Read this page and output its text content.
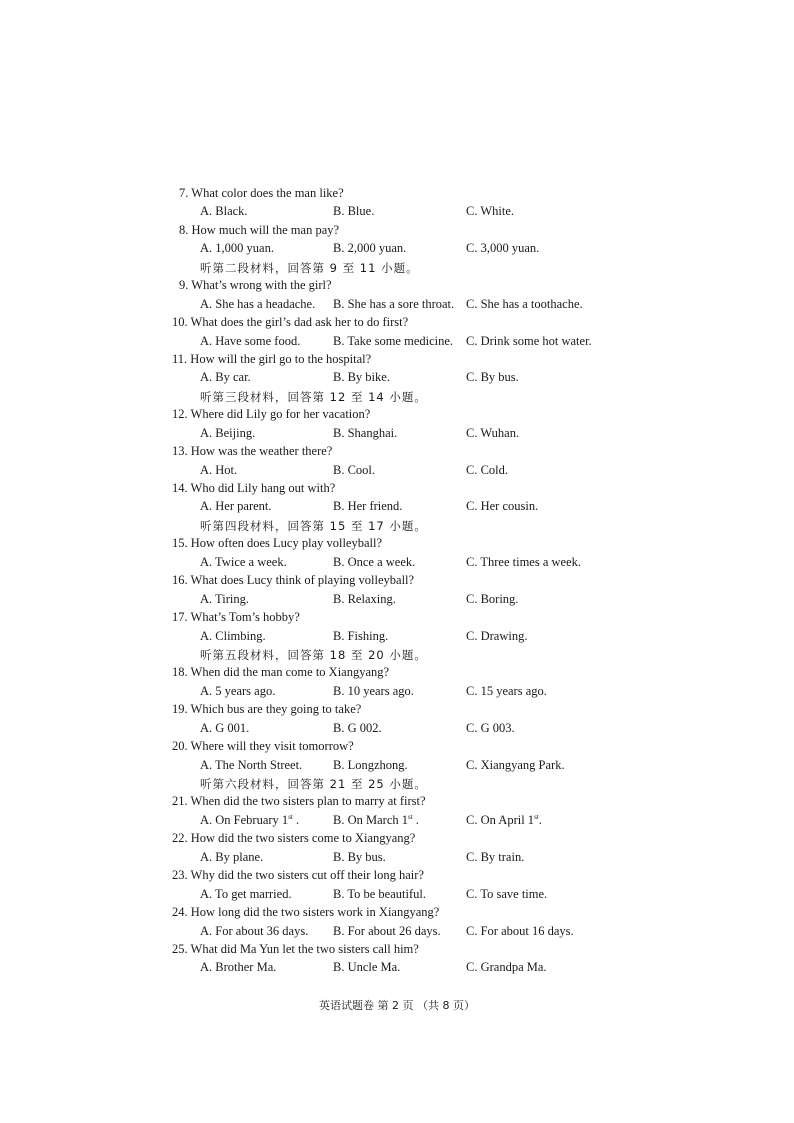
7. What color does the man like?
A. Black.	B. Blue.	C. White.
8. How much will the man pay?
A. 1,000 yuan.	B. 2,000 yuan.	C. 3,000 yuan.
听第二段材料，回答第 9 至 11 小题。
9. What’s wrong with the girl?
A. She has a headache. B. She has a sore throat. C. She has a toothache.
10. What does the girl’s dad ask her to do first?
A. Have some food.	B. Take some medicine. C. Drink some hot water.
11. How will the girl go to the hospital?
A. By car.	B. By bike.	C. By bus.
听第三段材料，回答第 12 至 14 小题。
12. Where did Lily go for her vacation?
A. Beijing.	B. Shanghai.	C. Wuhan.
13. How was the weather there?
A. Hot.	B. Cool.	C. Cold.
14. Who did Lily hang out with?
A. Her parent.	B. Her friend.	C. Her cousin.
听第四段材料，回答第 15 至 17 小题。
15. How often does Lucy play volleyball?
A. Twice a week.	B. Once a week.	C. Three times a week.
16. What does Lucy think of playing volleyball?
A. Tiring.	B. Relaxing.	C. Boring.
17. What’s Tom’s hobby?
A. Climbing.	B. Fishing.	C. Drawing.
听第五段材料，回答第 18 至 20 小题。
18. When did the man come to Xiangyang?
A. 5 years ago.	B. 10 years ago.	C. 15 years ago.
19. Which bus are they going to take?
A. G 001.	B. G 002.	C. G 003.
20. Where will they visit tomorrow?
A. The North Street. B. Longzhong.	C. Xiangyang Park.
听第六段材料，回答第 21 至 25 小题。
21. When did the two sisters plan to marry at first?
A. On February 1st .	B. On March 1st .	C. On April 1st.
22. How did the two sisters come to Xiangyang?
A. By plane.	B. By bus.	C. By train.
23. Why did the two sisters cut off their long hair?
A. To get married.	B. To be beautiful.	C. To save time.
24. How long did the two sisters work in Xiangyang?
A. For about 36 days. B. For about 26 days. C. For about 16 days.
25. What did Ma Yun let the two sisters call him?
A. Brother Ma.	B. Uncle Ma.	C. Grandpa Ma.
英语试题卷 第 2 页 （共 8 页）
